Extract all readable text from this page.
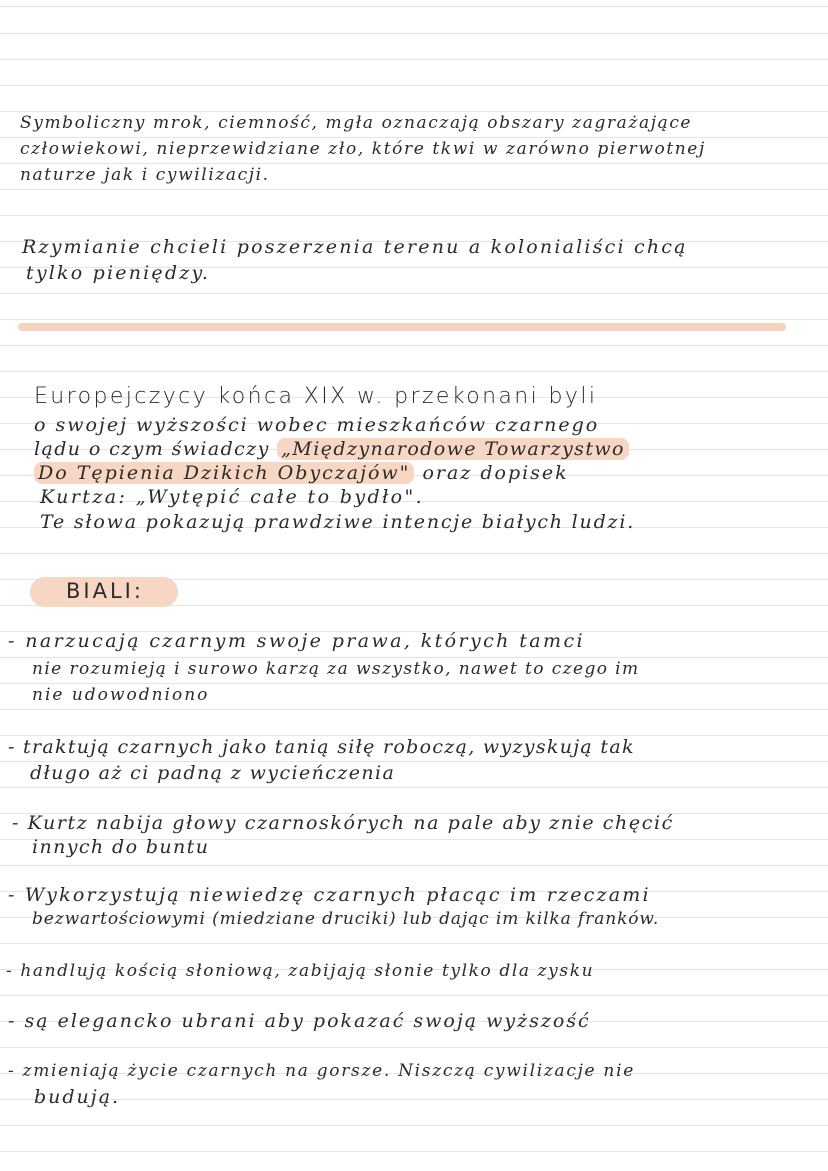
Symboliczny mrok, ciemność, mgła oznaczają obszary zagrażające
człowiekowi, nieprzewidziane zło, które tkwi w zarówno pierwotnej
naturze jak i cywilizacji.
Rzymianie chcieli poszerzenia terenu a kolonialiści chcą
tylko pieniędzy.
Europejczycy końca XIX w. przekonani byli
o swojej wyższości wobec mieszkańców czarnego
lądu o czym świadczy „Międzynarodowe Towarzystwo
Do Tępienia Dzikich Obyczajów" oraz dopisek
Kurtza: „Wytępić całe to bydło".
Te słowa pokazują prawdziwe intencje białych ludzi.
BIALI:
- narzucają czarnym swoje prawa, których tamci
nie rozumieją i surowo karzą za wszystko, nawet to czego im
nie udowodniono
- traktują czarnych jako tanią siłę roboczą, wyzyskują tak
długo aż ci padną z wycieńczenia
- Kurtz nabija głowy czarnoskórych na pale aby znie chęcić
innych do buntu
- Wykorzystują niewiedzę czarnych płacąc im rzeczami
bezwartościowymi (miedziane druciki) lub dając im kilka franków.
- handlują kością słoniową, zabijają słonie tylko dla zysku
- są elegancko ubrani aby pokazać swoją wyższość
- zmieniają życie czarnych na gorsze. Niszczą cywilizacje nie
budują.
